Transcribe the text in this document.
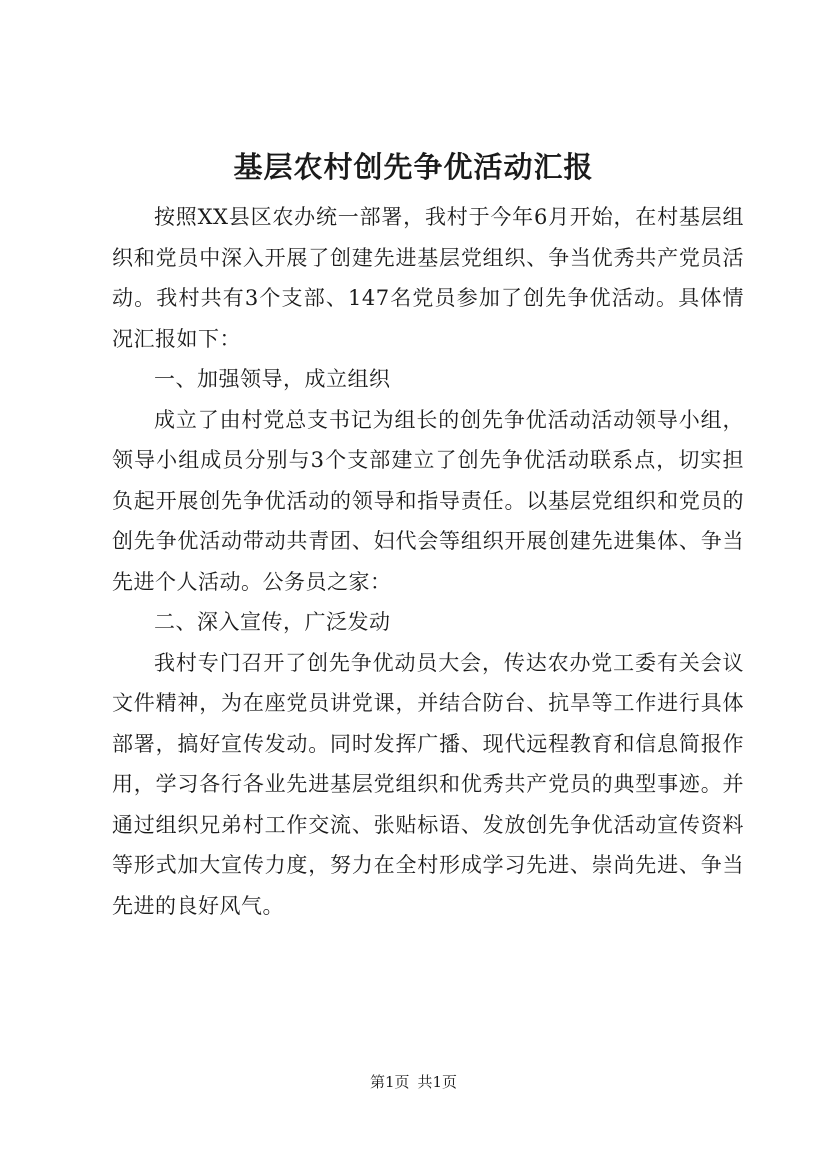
基层农村创先争优活动汇报

按照XX县区农办统一部署，我村于今年6月开始，在村基层组织和党员中深入开展了创建先进基层党组织、争当优秀共产党员活动。我村共有3个支部、147名党员参加了创先争优活动。具体情况汇报如下：

一、加强领导，成立组织

成立了由村党总支书记为组长的创先争优活动活动领导小组，领导小组成员分别与3个支部建立了创先争优活动联系点，切实担负起开展创先争优活动的领导和指导责任。以基层党组织和党员的创先争优活动带动共青团、妇代会等组织开展创建先进集体、争当先进个人活动。公务员之家：

二、深入宣传，广泛发动

我村专门召开了创先争优动员大会，传达农办党工委有关会议文件精神，为在座党员讲党课，并结合防台、抗旱等工作进行具体部署，搞好宣传发动。同时发挥广播、现代远程教育和信息简报作用，学习各行各业先进基层党组织和优秀共产党员的典型事迹。并通过组织兄弟村工作交流、张贴标语、发放创先争优活动宣传资料等形式加大宣传力度，努力在全村形成学习先进、崇尚先进、争当先进的良好风气。

第1页 共1页
